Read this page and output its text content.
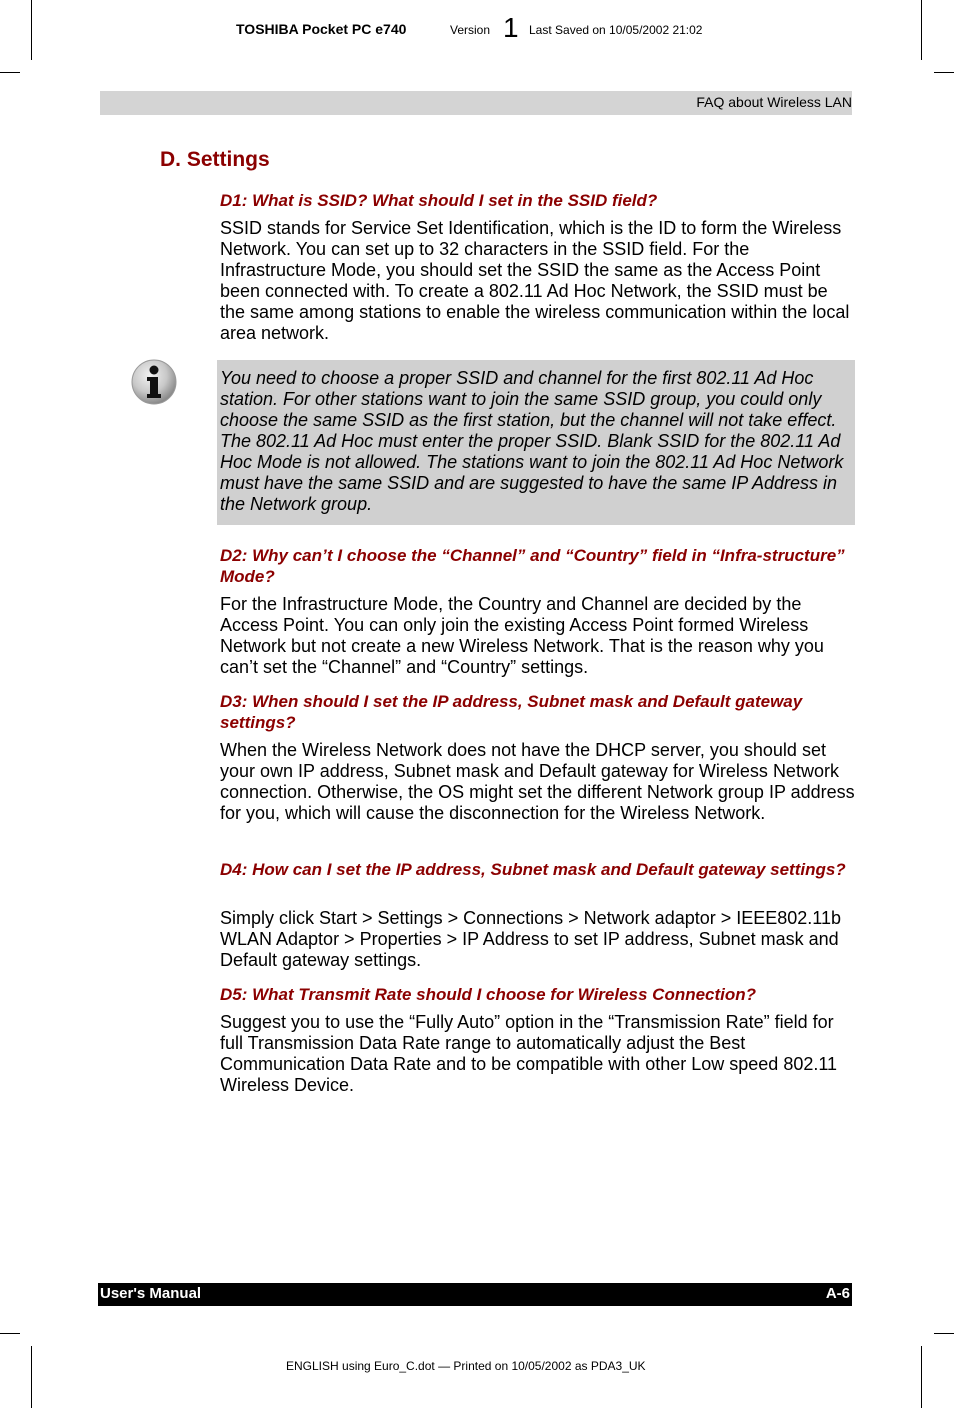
TOSHIBA Pocket PC e740	Version 1 Last Saved on 10/05/2002 21:02
FAQ about Wireless LAN
D. Settings

D1: What is SSID? What should I set in the SSID field?

SSID stands for Service Set Identification, which is the ID to form the Wireless Network. You can set up to 32 characters in the SSID field. For the Infrastructure Mode, you should set the SSID the same as the Access Point been connected with. To create a 802.11 Ad Hoc Network, the SSID must be the same among stations to enable the wireless communication within the local area network.

You need to choose a proper SSID and channel for the first 802.11 Ad Hoc station. For other stations want to join the same SSID group, you could only choose the same SSID as the first station, but the channel will not take effect. The 802.11 Ad Hoc must enter the proper SSID. Blank SSID for the 802.11 Ad Hoc Mode is not allowed. The stations want to join the 802.11 Ad Hoc Network must have the same SSID and are suggested to have the same IP Address in the Network group.

D2: Why can’t I choose the “Channel” and “Country” field in “Infra-structure” Mode?

For the Infrastructure Mode, the Country and Channel are decided by the Access Point. You can only join the existing Access Point formed Wireless Network but not create a new Wireless Network. That is the reason why you can’t set the “Channel” and “Country” settings.

D3: When should I set the IP address, Subnet mask and Default gateway settings?

When the Wireless Network does not have the DHCP server, you should set your own IP address, Subnet mask and Default gateway for Wireless Network connection. Otherwise, the OS might set the different Network group IP address for you, which will cause the disconnection for the Wireless Network.

D4: How can I set the IP address, Subnet mask and Default gateway settings?

Simply click Start > Settings > Connections > Network adaptor > IEEE802.11b WLAN Adaptor > Properties > IP Address to set IP address, Subnet mask and Default gateway settings.

D5: What Transmit Rate should I choose for Wireless Connection?

Suggest you to use the “Fully Auto” option in the “Transmission Rate” field for full Transmission Data Rate range to automatically adjust the Best Communication Data Rate and to be compatible with other Low speed 802.11 Wireless Device.

User's Manual	A-6
ENGLISH using Euro_C.dot — Printed on 10/05/2002 as PDA3_UK
